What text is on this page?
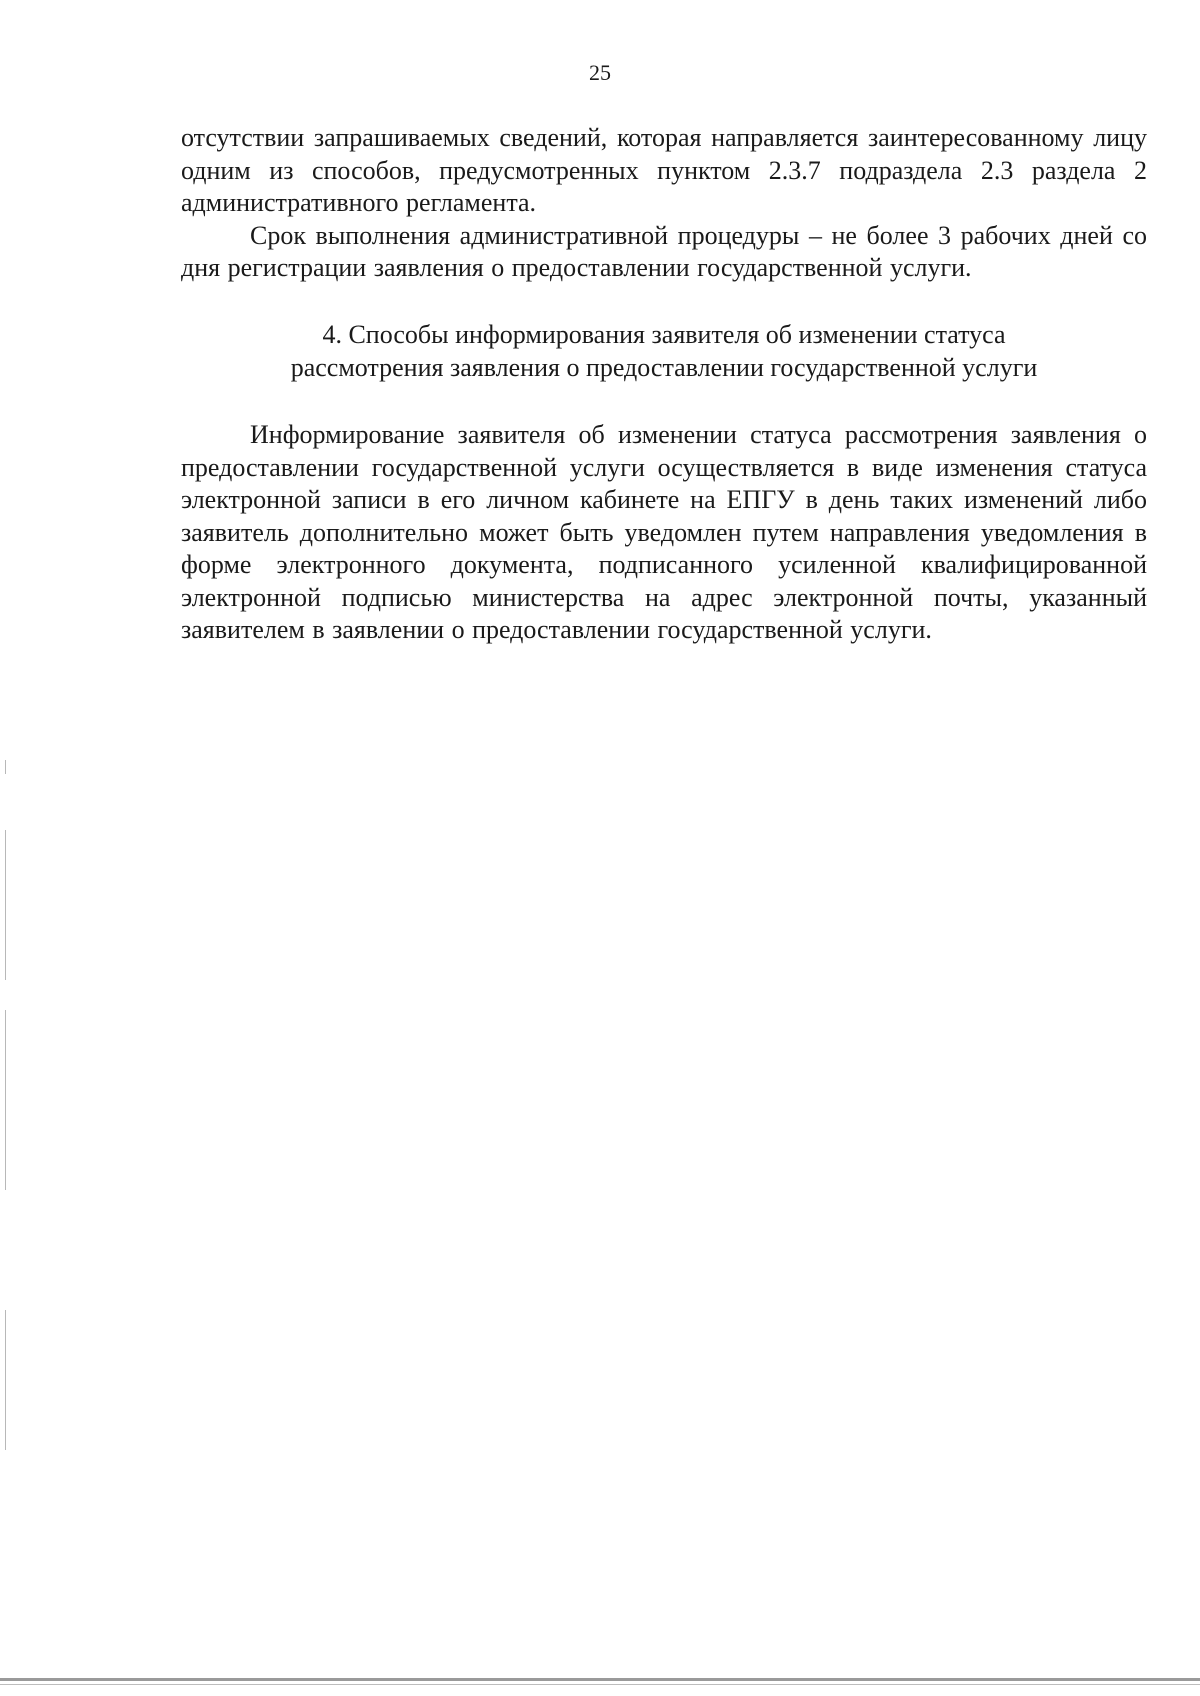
25

отсутствии запрашиваемых сведений, которая направляется заинтересованному лицу одним из способов, предусмотренных пунктом 2.3.7 подраздела 2.3 раздела 2 административного регламента.

Срок выполнения административной процедуры – не более 3 рабочих дней со дня регистрации заявления о предоставлении государственной услуги.

4. Способы информирования заявителя об изменении статуса
рассмотрения заявления о предоставлении государственной услуги

Информирование заявителя об изменении статуса рассмотрения заявления о предоставлении государственной услуги осуществляется в виде изменения статуса электронной записи в его личном кабинете на ЕПГУ в день таких изменений либо заявитель дополнительно может быть уведомлен путем направления уведомления в форме электронного документа, подписанного усиленной квалифицированной электронной подписью министерства на адрес электронной почты, указанный заявителем в заявлении о предоставлении государственной услуги.
